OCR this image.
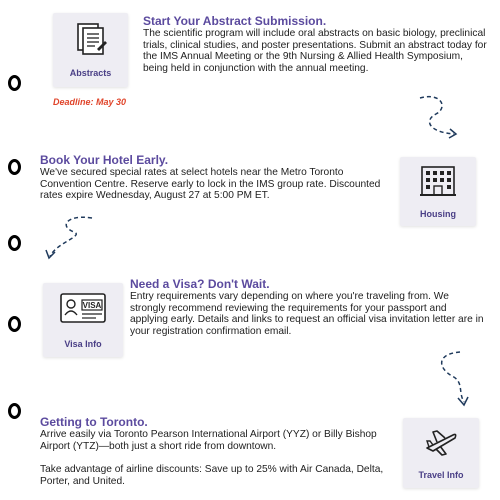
Abstracts
Deadline: May 30
Start Your Abstract Submission.
The scientific program will include oral abstracts on basic biology, preclinical trials, clinical studies, and poster presentations. Submit an abstract today for the IMS Annual Meeting or the 9th Nursing & Allied Health Symposium, being held in conjunction with the annual meeting.
Book Your Hotel Early.
We've secured special rates at select hotels near the Metro Toronto Convention Centre. Reserve early to lock in the IMS group rate. Discounted rates expire Wednesday, August 27 at 5:00 PM ET.
Housing
VISA
Visa Info
Need a Visa? Don't Wait.
Entry requirements vary depending on where you're traveling from. We strongly recommend reviewing the requirements for your passport and applying early. Details and links to request an official visa invitation letter are in your registration confirmation email.
Getting to Toronto.
Arrive easily via Toronto Pearson International Airport (YYZ) or Billy Bishop Airport (YTZ)—both just a short ride from downtown.
Take advantage of airline discounts: Save up to 25% with Air Canada, Delta, Porter, and United.
Travel Info
